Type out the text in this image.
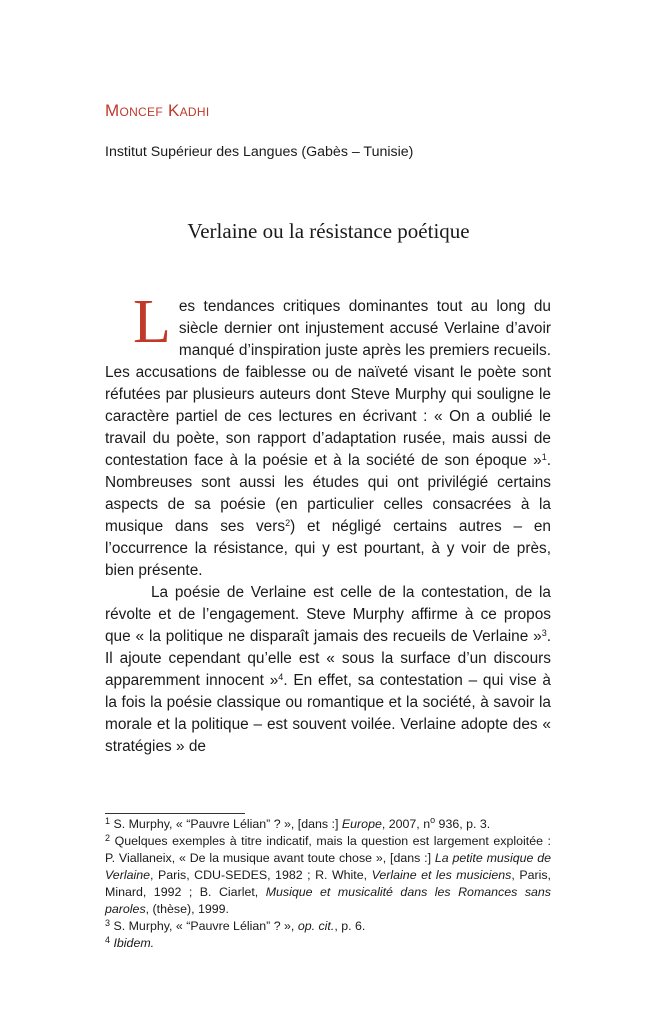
Moncef Kadhi
Institut Supérieur des Langues (Gabès – Tunisie)
Verlaine ou la résistance poétique

Les tendances critiques dominantes tout au long du siècle dernier ont injustement accusé Verlaine d’avoir manqué d’inspiration juste après les premiers recueils. Les accusations de faiblesse ou de naïveté visant le poète sont réfutées par plusieurs auteurs dont Steve Murphy qui souligne le caractère partiel de ces lectures en écrivant : « On a oublié le travail du poète, son rapport d’adaptation rusée, mais aussi de contestation face à la poésie et à la société de son époque »$^1$. Nombreuses sont aussi les études qui ont privilégié certains aspects de sa poésie (en particulier celles consacrées à la musique dans ses vers$^2$) et négligé certains autres – en l’occurrence la résistance, qui y est pourtant, à y voir de près, bien présente.

La poésie de Verlaine est celle de la contestation, de la révolte et de l’engagement. Steve Murphy affirme à ce propos que « la politique ne disparaît jamais des recueils de Verlaine »$^3$. Il ajoute cependant qu’elle est « sous la surface d’un discours apparemment innocent »$^4$. En effet, sa contestation – qui vise à la fois la poésie classique ou romantique et la société, à savoir la morale et la politique – est souvent voilée. Verlaine adopte des « stratégies » de

$^1$ S. Murphy, « “Pauvre Lélian” ? », [dans :] Europe, 2007, $n^o$ 936, p. 3.

$^2$ Quelques exemples à titre indicatif, mais la question est largement exploitée : P. Viallaneix, « De la musique avant toute chose », [dans :] La petite musique de Verlaine, Paris, CDU-SEDES, 1982 ; R. White, Verlaine et les musiciens, Paris, Minard, 1992 ; B. Ciarlet, Musique et musicalité dans les Romances sans paroles, (thèse), 1999.

$^3$ S. Murphy, « “Pauvre Lélian” ? », op. cit., p. 6.

$^4$ Ibidem.
